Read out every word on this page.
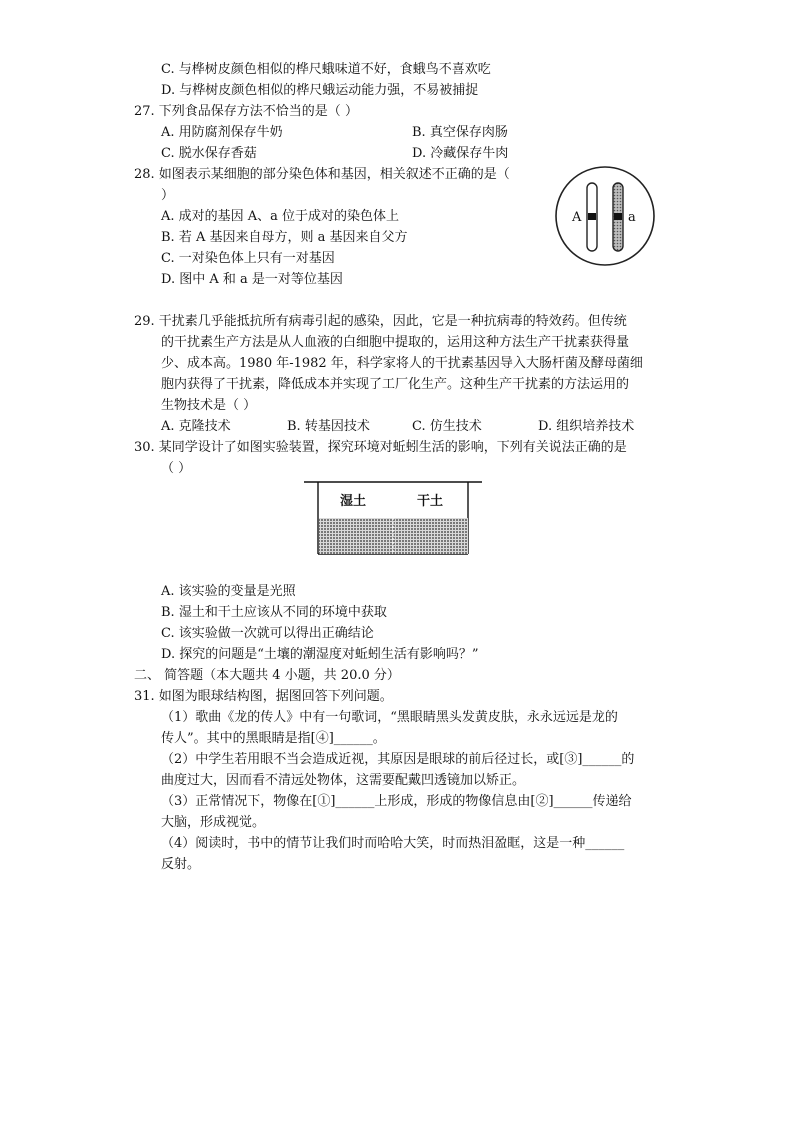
C. 与桦树皮颜色相似的桦尺蛾味道不好，食蛾鸟不喜欢吃
D. 与桦树皮颜色相似的桦尺蛾运动能力强，不易被捕捉
27. 下列食品保存方法不恰当的是（ ）
A. 用防腐剂保存牛奶	B. 真空保存肉肠
C. 脱水保存香菇	D. 冷藏保存牛肉
28. 如图表示某细胞的部分染色体和基因，相关叙述不正确的是（
）
A. 成对的基因 A、a 位于成对的染色体上
B. 若 A 基因来自母方，则 a 基因来自父方
C. 一对染色体上只有一对基因
D. 图中 A 和 a 是一对等位基因
A	a
29. 干扰素几乎能抵抗所有病毒引起的感染，因此，它是一种抗病毒的特效药。但传统
的干扰素生产方法是从人血液的白细胞中提取的，运用这种方法生产干扰素获得量
少、成本高。1980 年-1982 年，科学家将人的干扰素基因导入大肠杆菌及酵母菌细
胞内获得了干扰素，降低成本并实现了工厂化生产。这种生产干扰素的方法运用的
生物技术是（ ）
A. 克隆技术	B. 转基因技术	C. 仿生技术	D. 组织培养技术
30. 某同学设计了如图实验装置，探究环境对蚯蚓生活的影响，下列有关说法正确的是
（ ）
湿土	干土
A. 该实验的变量是光照
B. 湿土和干土应该从不同的环境中获取
C. 该实验做一次就可以得出正确结论
D. 探究的问题是“土壤的潮湿度对蚯蚓生活有影响吗？”
二、 简答题（本大题共 4 小题，共 20.0 分）
31. 如图为眼球结构图，据图回答下列问题。
（1）歌曲《龙的传人》中有一句歌词，“黑眼睛黑头发黄皮肤，永永远远是龙的
传人”。其中的黑眼睛是指[④]______。
（2）中学生若用眼不当会造成近视，其原因是眼球的前后径过长，或[③]______的
曲度过大，因而看不清远处物体，这需要配戴凹透镜加以矫正。
（3）正常情况下，物像在[①]______上形成，形成的物像信息由[②]______传递给
大脑，形成视觉。
（4）阅读时，书中的情节让我们时而哈哈大笑，时而热泪盈眶，这是一种______
反射。
